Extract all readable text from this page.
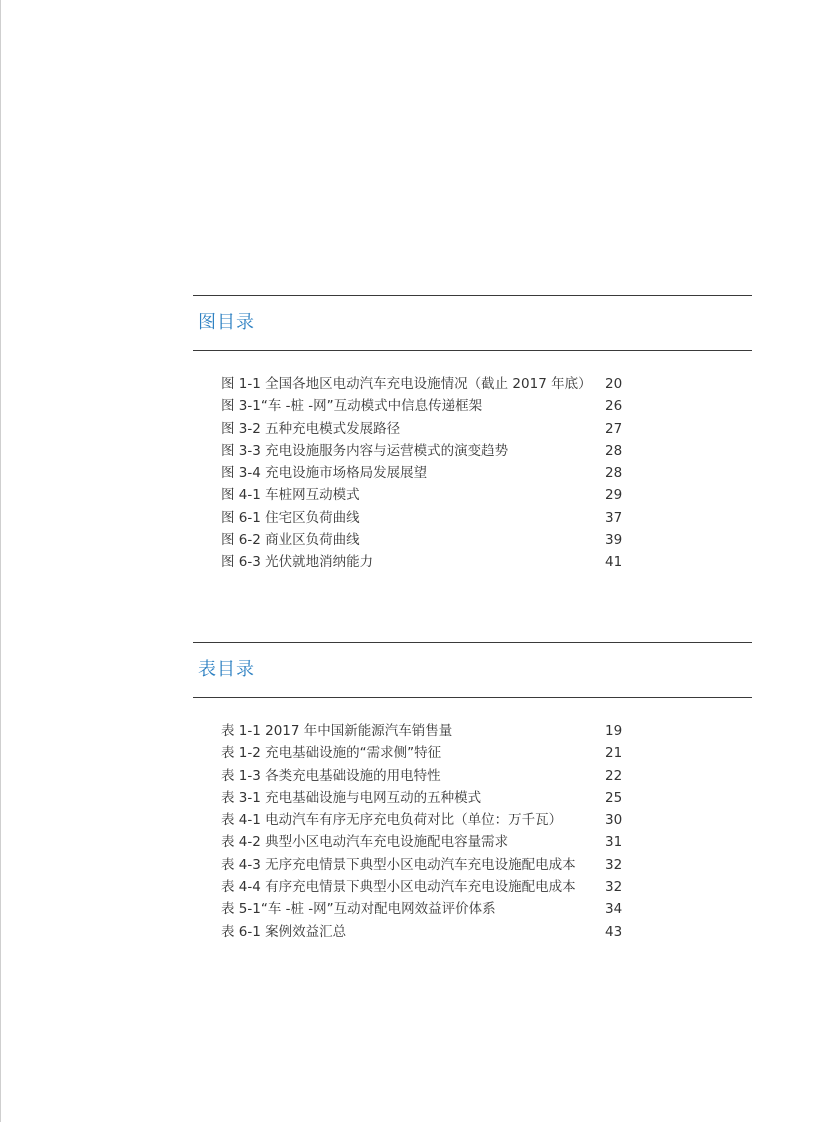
图目录
图 1-1 全国各地区电动汽车充电设施情况（截止 2017 年底） 20
图 3-1“车 -桩 -网”互动模式中信息传递框架	26
图 3-2 五种充电模式发展路径	27
图 3-3 充电设施服务内容与运营模式的演变趋势	28
图 3-4 充电设施市场格局发展展望	28
图 4-1 车桩网互动模式	29
图 6-1 住宅区负荷曲线	37
图 6-2 商业区负荷曲线	39
图 6-3 光伏就地消纳能力	41
表目录
表 1-1 2017 年中国新能源汽车销售量	19
表 1-2 充电基础设施的“需求侧”特征	21
表 1-3 各类充电基础设施的用电特性	22
表 3-1 充电基础设施与电网互动的五种模式	25
表 4-1 电动汽车有序无序充电负荷对比（单位：万千瓦）	30
表 4-2 典型小区电动汽车充电设施配电容量需求	31
表 4-3 无序充电情景下典型小区电动汽车充电设施配电成本 32
表 4-4 有序充电情景下典型小区电动汽车充电设施配电成本 32
表 5-1“车 -桩 -网”互动对配电网效益评价体系	34
表 6-1 案例效益汇总	43
